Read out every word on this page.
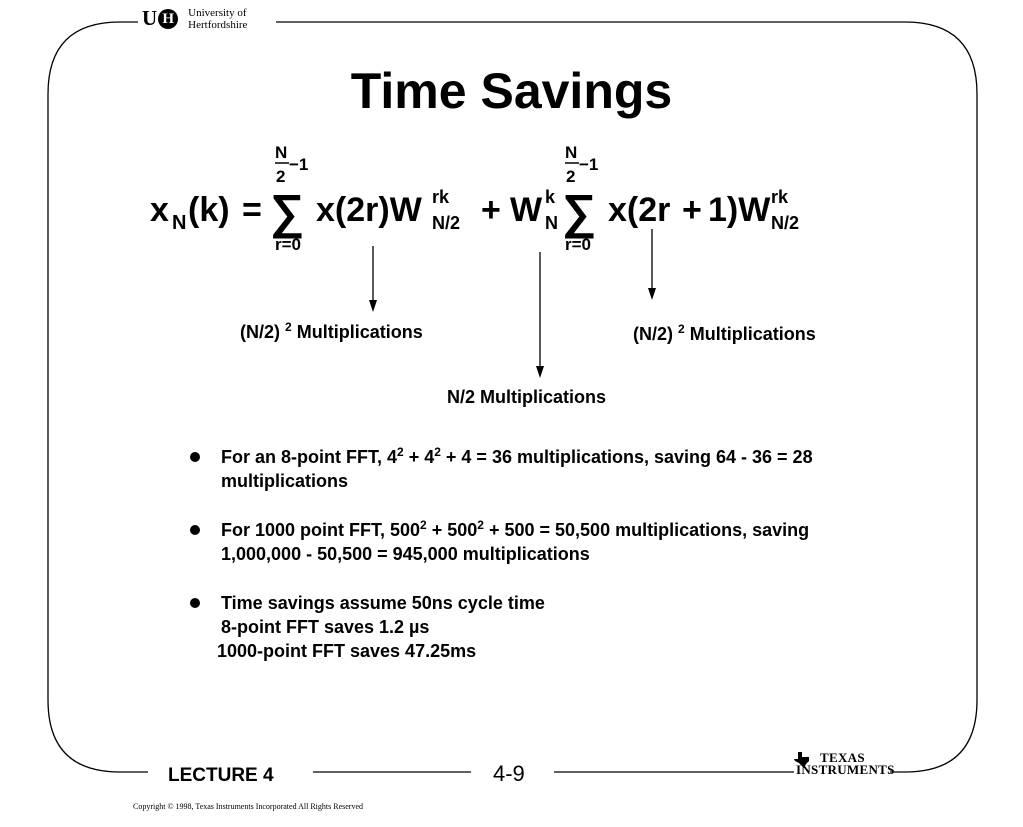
U H	University of
Hertfordshire
Time Savings
x N (k) =
N
2
−1
∑
r=0
x(2r)W rk
N/2 + W k
N
N
2
−1
∑
r=0
x(2r + 1)W rk
N/2
(N/2) $^2$ Multiplications	(N/2) $^2$ Multiplications
N/2 Multiplications
For an 8-point FFT, $4^2 + 4^2 + 4 = 36$ multiplications, saving 64 - 36 = 28
multiplications
For 1000 point FFT, $500^2 + 500^2 + 500 = 50,500$ multiplications, saving
1,000,000 - 50,500 = 945,000 multiplications
Time savings assume 50ns cycle time
8-point FFT saves 1.2 µs
1000-point FFT saves 47.25ms
LECTURE 4	4-9
TEXAS
INSTRUMENTS
Copyright © 1998, Texas Instruments Incorporated All Rights Reserved
